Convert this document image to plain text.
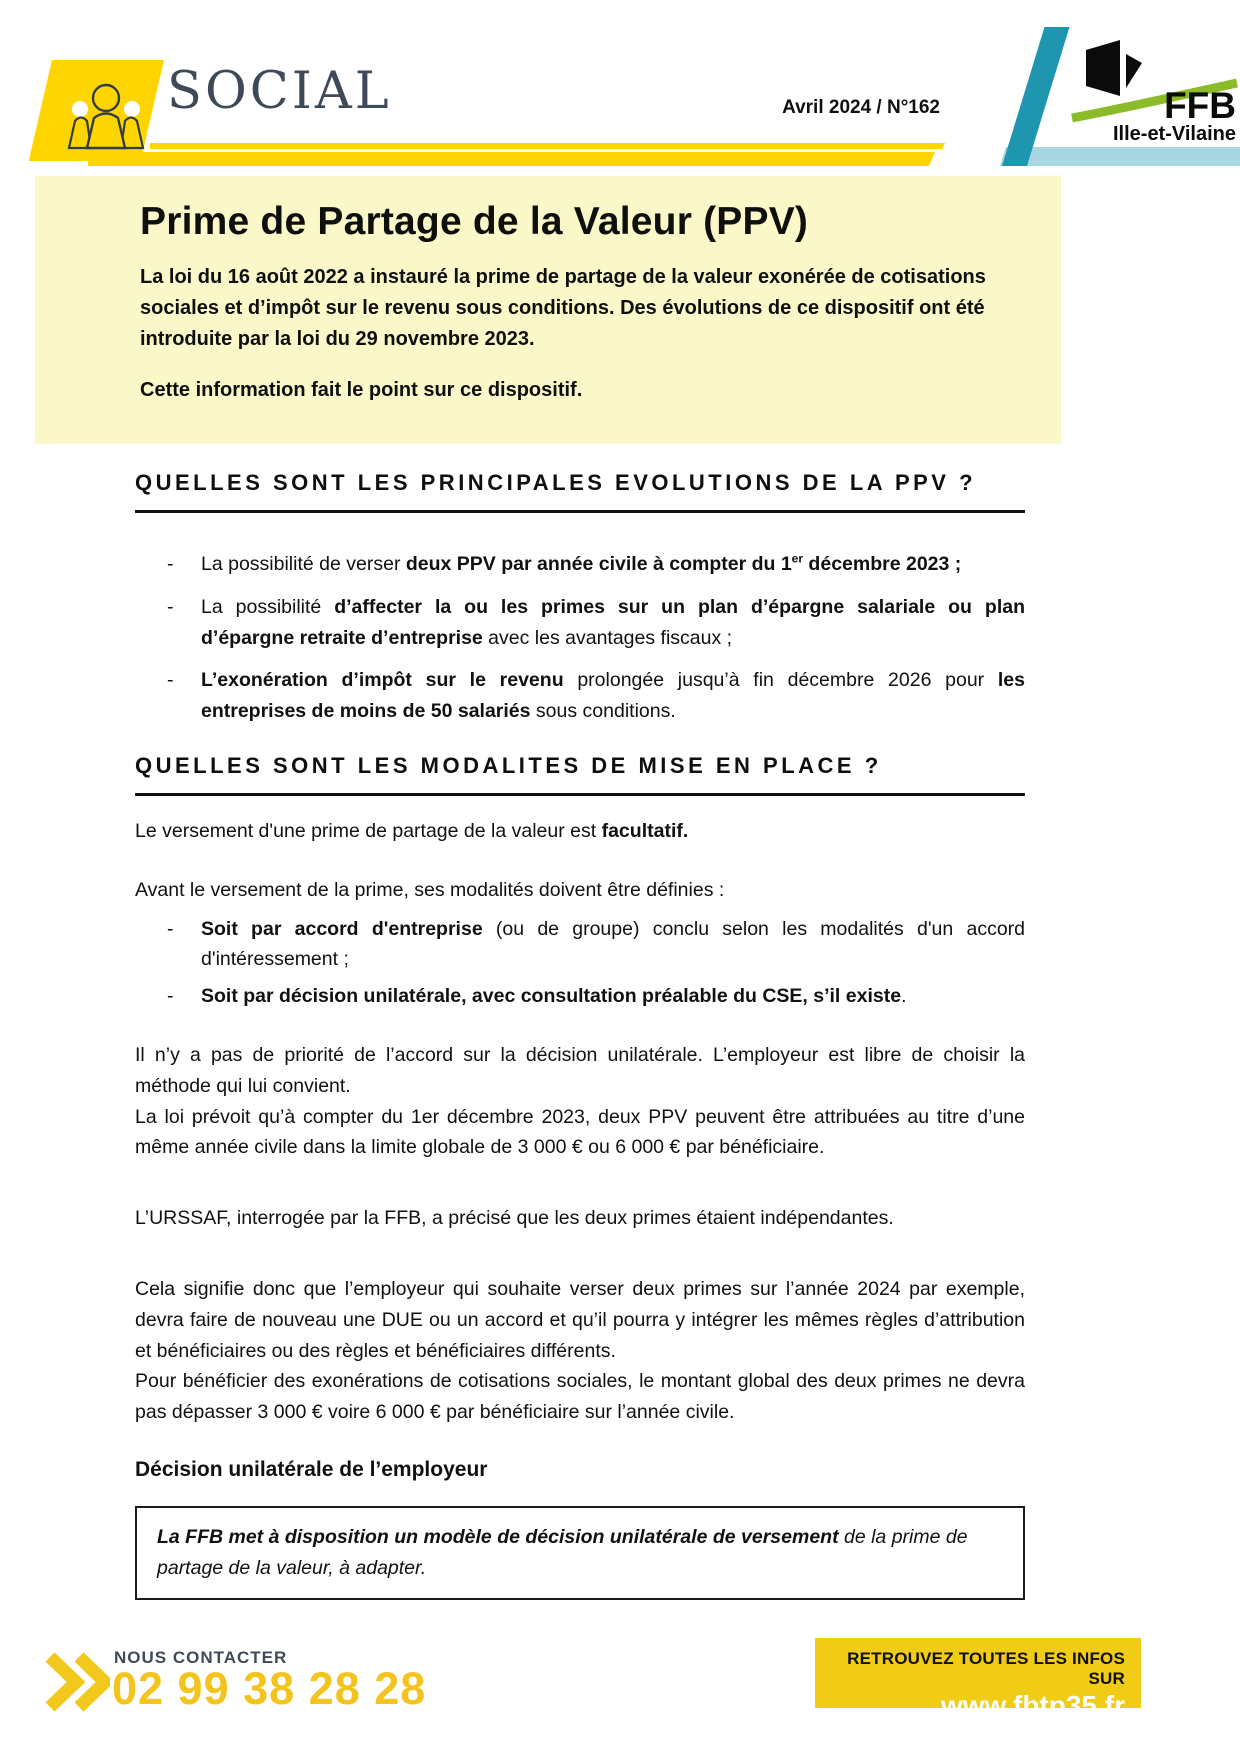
SOCIAL	Avril 2024 / N°162	FFB
Ille-et-Vilaine
Prime de Partage de la Valeur (PPV)

La loi du 16 août 2022 a instauré la prime de partage de la valeur exonérée de cotisations sociales et d’impôt sur le revenu sous conditions. Des évolutions de ce dispositif ont été introduite par la loi du 29 novembre 2023.

Cette information fait le point sur ce dispositif.

QUELLES SONT LES PRINCIPALES EVOLUTIONS DE LA PPV ?
- La possibilité de verser deux PPV par année civile à compter du 1er décembre 2023 ;
- La possibilité d’affecter la ou les primes sur un plan d’épargne salariale ou plan d’épargne retraite d’entreprise avec les avantages fiscaux ;
- L’exonération d’impôt sur le revenu prolongée jusqu’à fin décembre 2026 pour les entreprises de moins de 50 salariés sous conditions.
QUELLES SONT LES MODALITES DE MISE EN PLACE ?

Le versement d'une prime de partage de la valeur est facultatif.

Avant le versement de la prime, ses modalités doivent être définies :

- Soit par accord d'entreprise (ou de groupe) conclu selon les modalités d'un accord d'intéressement ;
- Soit par décision unilatérale, avec consultation préalable du CSE, s’il existe.

Il n’y a pas de priorité de l’accord sur la décision unilatérale. L’employeur est libre de choisir la méthode qui lui convient.

La loi prévoit qu’à compter du 1er décembre 2023, deux PPV peuvent être attribuées au titre d’une même année civile dans la limite globale de 3 000 € ou 6 000 € par bénéficiaire.

L’URSSAF, interrogée par la FFB, a précisé que les deux primes étaient indépendantes.

Cela signifie donc que l’employeur qui souhaite verser deux primes sur l’année 2024 par exemple, devra faire de nouveau une DUE ou un accord et qu’il pourra y intégrer les mêmes règles d’attribution et bénéficiaires ou des règles et bénéficiaires différents.

Pour bénéficier des exonérations de cotisations sociales, le montant global des deux primes ne devra pas dépasser 3 000 € voire 6 000 € par bénéficiaire sur l’année civile.

Décision unilatérale de l’employeur
La FFB met à disposition un modèle de décision unilatérale de versement de la prime de partage de la valeur, à adapter.
NOUS CONTACTER
02 99 38 28 28
RETROUVEZ TOUTES LES INFOS SUR
www.fbtp35.fr
